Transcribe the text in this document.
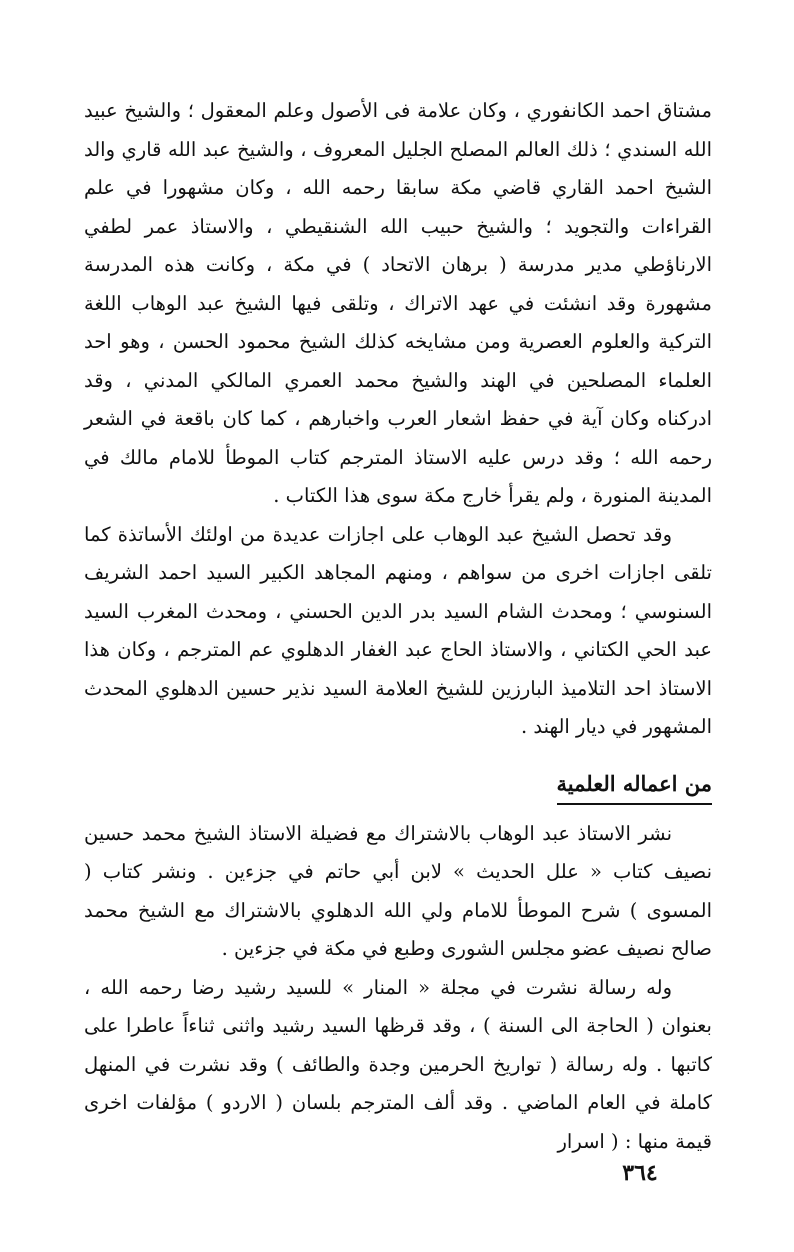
مشتاق احمد الكانفوري ، وكان علامة فى الأصول وعلم المعقول ؛ والشيخ عبيد الله السندي ؛ ذلك العالم المصلح الجليل المعروف ، والشيخ عبد الله قاري والد الشيخ احمد القاري قاضي مكة سابقا رحمه الله ، وكان مشهورا في علم القراءات والتجويد ؛ والشيخ حبيب الله الشنقيطي ، والاستاذ عمر لطفي الارناؤطي مدير مدرسة ( برهان الاتحاد ) في مكة ، وكانت هذه المدرسة مشهورة وقد انشئت في عهد الاتراك ، وتلقى فيها الشيخ عبد الوهاب اللغة التركية والعلوم العصرية ومن مشايخه كذلك الشيخ محمود الحسن ، وهو احد العلماء المصلحين في الهند والشيخ محمد العمري المالكي المدني ، وقد ادركناه وكان آية في حفظ اشعار العرب واخبارهم ، كما كان باقعة في الشعر رحمه الله ؛ وقد درس عليه الاستاذ المترجم كتاب الموطأ للامام مالك في المدينة المنورة ، ولم يقرأ خارج مكة سوى هذا الكتاب .

وقد تحصل الشيخ عبد الوهاب على اجازات عديدة من اولئك الأساتذة كما تلقى اجازات اخرى من سواهم ، ومنهم المجاهد الكبير السيد احمد الشريف السنوسي ؛ ومحدث الشام السيد بدر الدين الحسني ، ومحدث المغرب السيد عبد الحي الكتاني ، والاستاذ الحاج عبد الغفار الدهلوي عم المترجم ، وكان هذا الاستاذ احد التلاميذ البارزين للشيخ العلامة السيد نذير حسين الدهلوي المحدث المشهور في ديار الهند .

من اعماله العلمية

نشر الاستاذ عبد الوهاب بالاشتراك مع فضيلة الاستاذ الشيخ محمد حسين نصيف كتاب « علل الحديث » لابن أبي حاتم في جزءين . ونشر كتاب ( المسوى ) شرح الموطأ للامام ولي الله الدهلوي بالاشتراك مع الشيخ محمد صالح نصيف عضو مجلس الشورى وطبع في مكة في جزءين .

وله رسالة نشرت في مجلة « المنار » للسيد رشيد رضا رحمه الله ، بعنوان ( الحاجة الى السنة ) ، وقد قرظها السيد رشيد واثنى ثناءاً عاطرا على كاتبها . وله رسالة ( تواريخ الحرمين وجدة والطائف ) وقد نشرت في المنهل كاملة في العام الماضي . وقد ألف المترجم بلسان ( الاردو ) مؤلفات اخرى قيمة منها : ( اسرار

٣٦٤
